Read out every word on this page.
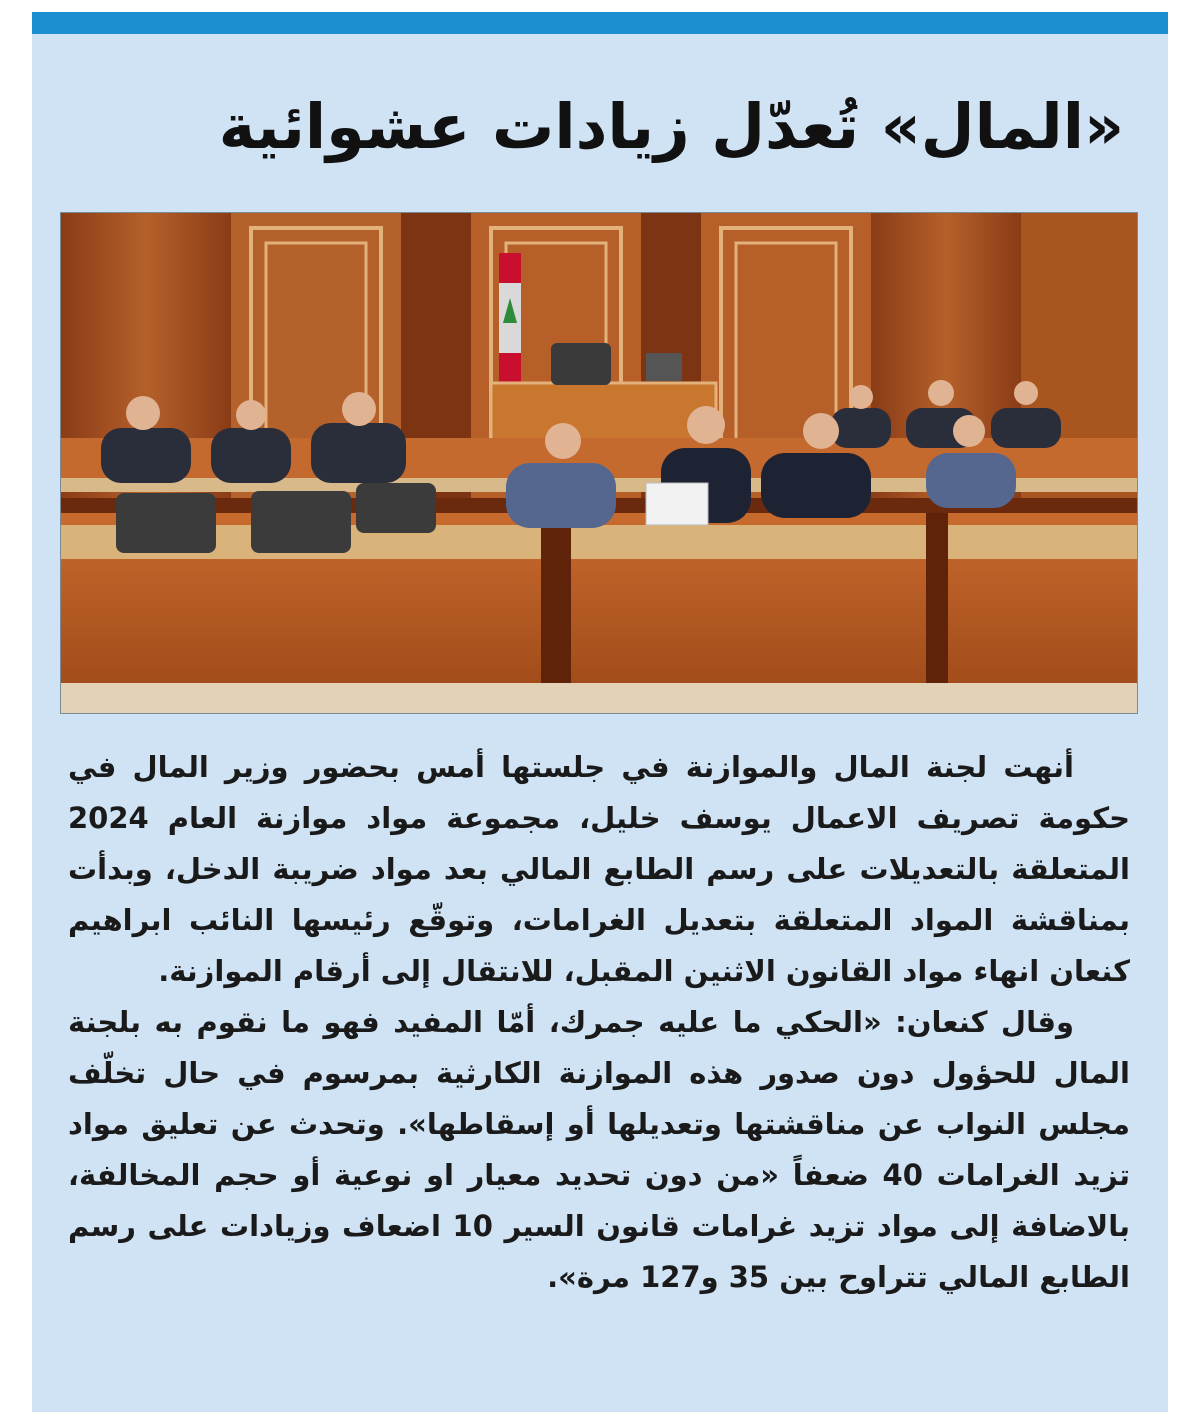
«المال» تُعدّل زيادات عشوائية

أنهت لجنة المال والموازنة في جلستها أمس بحضور وزير المال في حكومة تصريف الاعمال يوسف خليل، مجموعة مواد موازنة العام 2024 المتعلقة بالتعديلات على رسم الطابع المالي بعد مواد ضريبة الدخل، وبدأت بمناقشة المواد المتعلقة بتعديل الغرامات، وتوقّع رئيسها النائب ابراهيم كنعان انهاء مواد القانون الاثنين المقبل، للانتقال إلى أرقام الموازنة.

وقال كنعان: «الحكي ما عليه جمرك، أمّا المفيد فهو ما نقوم به بلجنة المال للحؤول دون صدور هذه الموازنة الكارثية بمرسوم في حال تخلّف مجلس النواب عن مناقشتها وتعديلها أو إسقاطها». وتحدث عن تعليق مواد تزيد الغرامات 40 ضعفاً «من دون تحديد معيار او نوعية أو حجم المخالفة، بالاضافة إلى مواد تزيد غرامات قانون السير 10 اضعاف وزيادات على رسم الطابع المالي تتراوح بين 35 و127 مرة».
